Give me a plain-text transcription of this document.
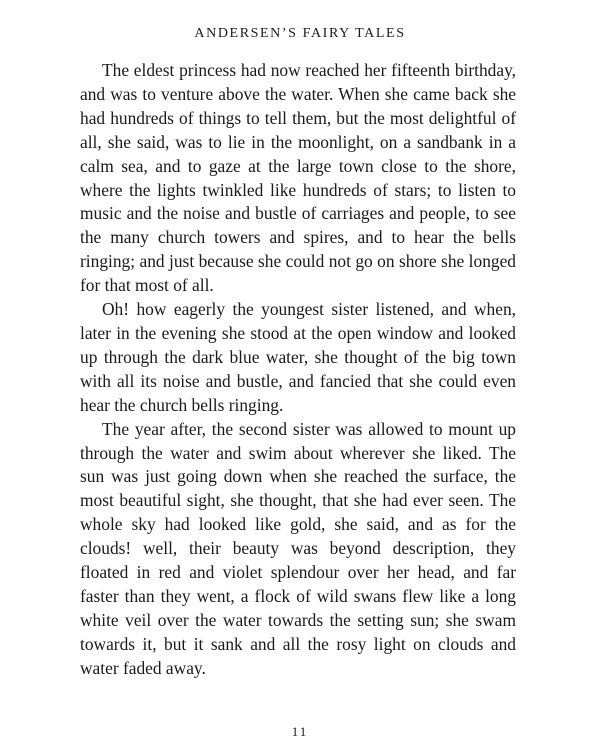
ANDERSEN’S FAIRY TALES

The eldest princess had now reached her fifteenth birthday, and was to venture above the water. When she came back she had hundreds of things to tell them, but the most delightful of all, she said, was to lie in the moonlight, on a sandbank in a calm sea, and to gaze at the large town close to the shore, where the lights twinkled like hundreds of stars; to listen to music and the noise and bustle of carriages and people, to see the many church towers and spires, and to hear the bells ringing; and just because she could not go on shore she longed for that most of all.

Oh! how eagerly the youngest sister listened, and when, later in the evening she stood at the open window and looked up through the dark blue water, she thought of the big town with all its noise and bustle, and fancied that she could even hear the church bells ringing.

The year after, the second sister was allowed to mount up through the water and swim about wherever she liked. The sun was just going down when she reached the surface, the most beautiful sight, she thought, that she had ever seen. The whole sky had looked like gold, she said, and as for the clouds! well, their beauty was beyond description, they floated in red and violet splendour over her head, and far faster than they went, a flock of wild swans flew like a long white veil over the water towards the setting sun; she swam towards it, but it sank and all the rosy light on clouds and water faded away.

11
